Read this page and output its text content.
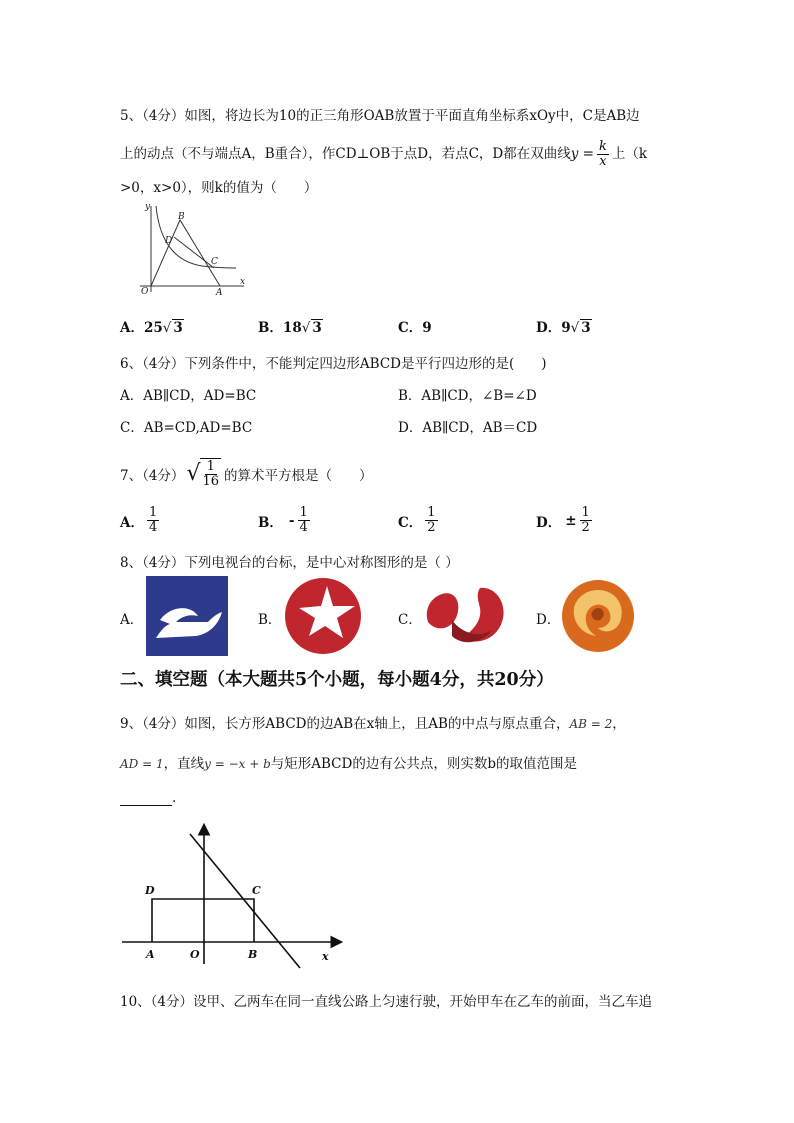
5、（4分）如图，将边长为10的正三角形OAB放置于平面直角坐标系xOy中，C是AB边
上的动点（不与端点A，B重合），作CD⊥OB于点D，若点C，D都在双曲线$y = \frac{k}{x}$ 上（k
>0，x>0），则k的值为（　　）
y
x
O	A
B
C
D
A．25√ 3	B．18√ 3	C．9	D．9√ 3
6、（4分）下列条件中，不能判定四边形ABCD是平行四边形的是(　　)
A．AB∥CD，AD=BC	B．AB∥CD，∠B=∠D
C．AB=CD,AD=BC	D．AB∥CD，AB＝CD
7、（4分） √ $\frac{1}{16}$ 的算术平方根是（　　）
A． $\frac{1}{4}$	B． - $\frac{1}{4}$	C． $\frac{1}{2}$	D． ± $\frac{1}{2}$
8、（4分）下列电视台的台标，是中心对称图形的是（ ）
A．	B．	C．	D．
二、填空题（本大题共5个小题，每小题4分，共20分）
9、（4分）如图，长方形ABCD的边AB在x轴上，且AB的中点与原点重合，AB = 2，
AD = 1，直线y = −x + b与矩形ABCD的边有公共点，则实数b的取值范围是
.
A	O	B	x
C
D
10、（4分）设甲、乙两车在同一直线公路上匀速行驶，开始甲车在乙车的前面，当乙车追
